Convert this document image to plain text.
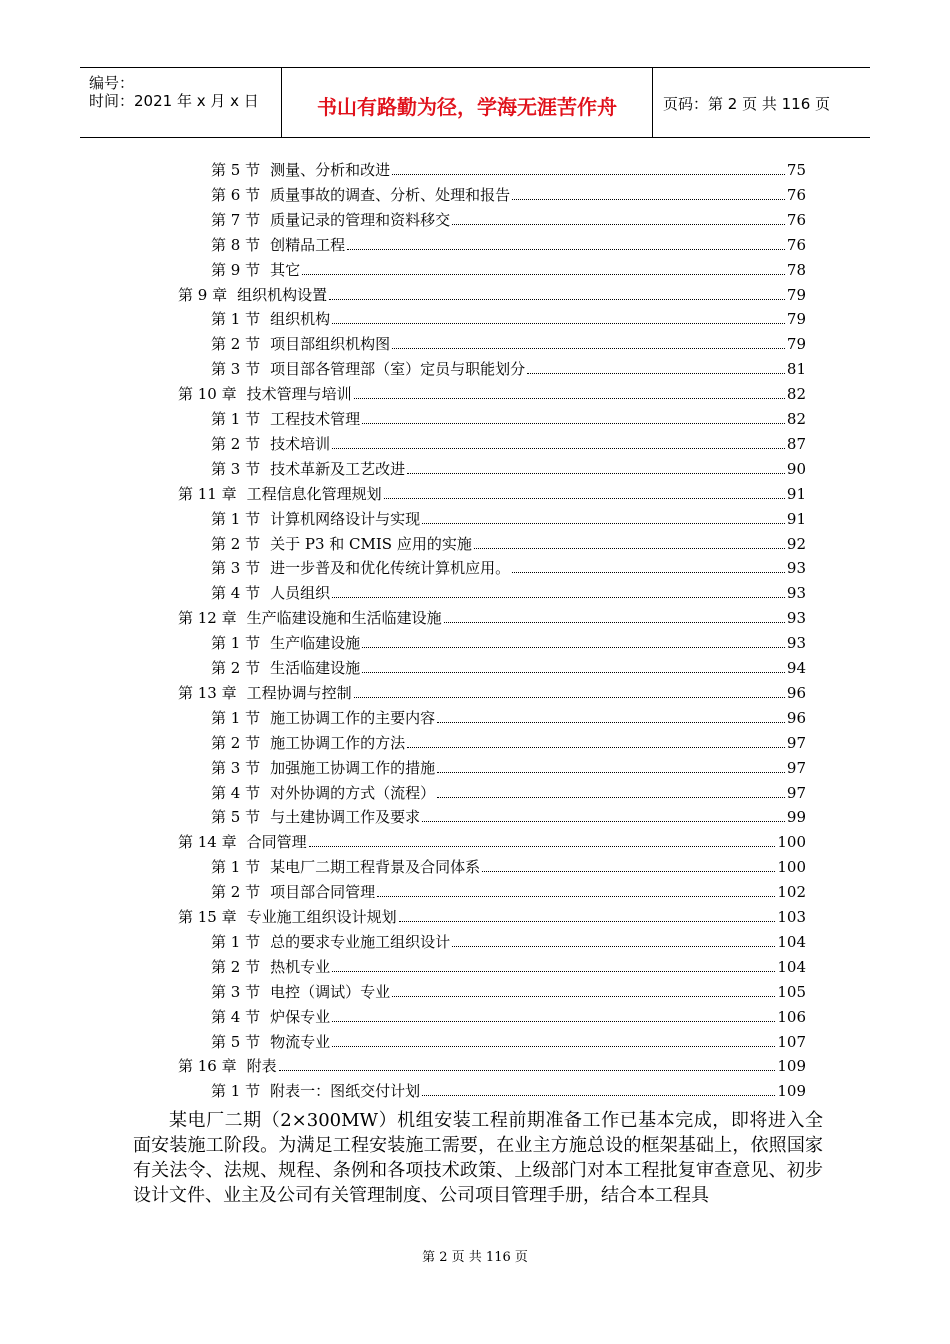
编号：
时间：2021 年 x 月 x 日	书山有路勤为径，学海无涯苦作舟	页码：第 2 页 共 116 页
第 5 节 测量、分析和改进	75
第 6 节 质量事故的调查、分析、处理和报告	76
第 7 节 质量记录的管理和资料移交	76
第 8 节 创精品工程	76
第 9 节 其它	78
第 9 章 组织机构设置	79
第 1 节 组织机构	79
第 2 节 项目部组织机构图	79
第 3 节 项目部各管理部（室）定员与职能划分	81
第 10 章 技术管理与培训	82
第 1 节 工程技术管理	82
第 2 节 技术培训	87
第 3 节 技术革新及工艺改进	90
第 11 章 工程信息化管理规划	91
第 1 节 计算机网络设计与实现	91
第 2 节 关于 P3 和 CMIS 应用的实施	92
第 3 节 进一步普及和优化传统计算机应用。	93
第 4 节 人员组织	93
第 12 章 生产临建设施和生活临建设施	93
第 1 节 生产临建设施	93
第 2 节 生活临建设施	94
第 13 章 工程协调与控制	96
第 1 节 施工协调工作的主要内容	96
第 2 节 施工协调工作的方法	97
第 3 节 加强施工协调工作的措施	97
第 4 节 对外协调的方式（流程）	97
第 5 节 与土建协调工作及要求	99
第 14 章 合同管理	100
第 1 节 某电厂二期工程背景及合同体系	100
第 2 节 项目部合同管理	102
第 15 章 专业施工组织设计规划	103
第 1 节 总的要求专业施工组织设计	104
第 2 节 热机专业	104
第 3 节 电控（调试）专业	105
第 4 节 炉保专业	106
第 5 节 物流专业	107
第 16 章 附表	109
第 1 节 附表一：图纸交付计划	109

某电厂二期（2×300MW）机组安装工程前期准备工作已基本完成，即将进入全面安装施工阶段。为满足工程安装施工需要，在业主方施总设的框架基础上，依照国家有关法令、法规、规程、条例和各项技术政策、上级部门对本工程批复审查意见、初步设计文件、业主及公司有关管理制度、公司项目管理手册，结合本工程具

第 2 页 共 116 页
